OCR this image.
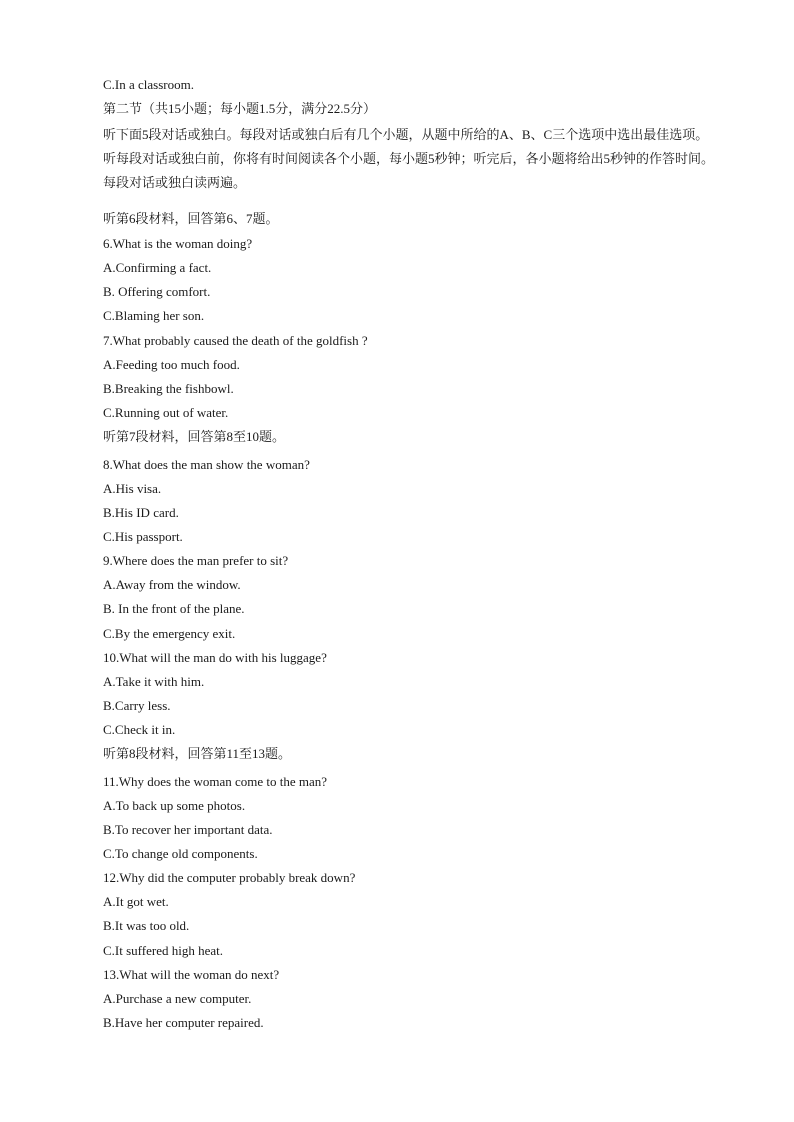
C.In a classroom.
第二节（共15小题；每小题1.5分，满分22.5分）
听下面5段对话或独白。每段对话或独白后有几个小题，从题中所给的A、B、C三个选项中选出最佳选项。听每段对话或独白前，你将有时间阅读各个小题，每小题5秒钟；听完后，各小题将给出5秒钟的作答时间。每段对话或独白读两遍。
听第6段材料，回答第6、7题。
6.What is the woman doing?
A.Confirming a fact.
B. Offering comfort.
C.Blaming her son.
7.What probably caused the death of the goldfish ?
A.Feeding too much food.
B.Breaking the fishbowl.
C.Running out of water.
听第7段材料，回答第8至10题。
8.What does the man show the woman?
A.His visa.
B.His ID card.
C.His passport.
9.Where does the man prefer to sit?
A.Away from the window.
B. In the front of the plane.
C.By the emergency exit.
10.What will the man do with his luggage?
A.Take it with him.
B.Carry less.
C.Check it in.
听第8段材料，回答第11至13题。
11.Why does the woman come to the man?
A.To back up some photos.
B.To recover her important data.
C.To change old components.
12.Why did the computer probably break down?
A.It got wet.
B.It was too old.
C.It suffered high heat.
13.What will the woman do next?
A.Purchase a new computer.
B.Have her computer repaired.
